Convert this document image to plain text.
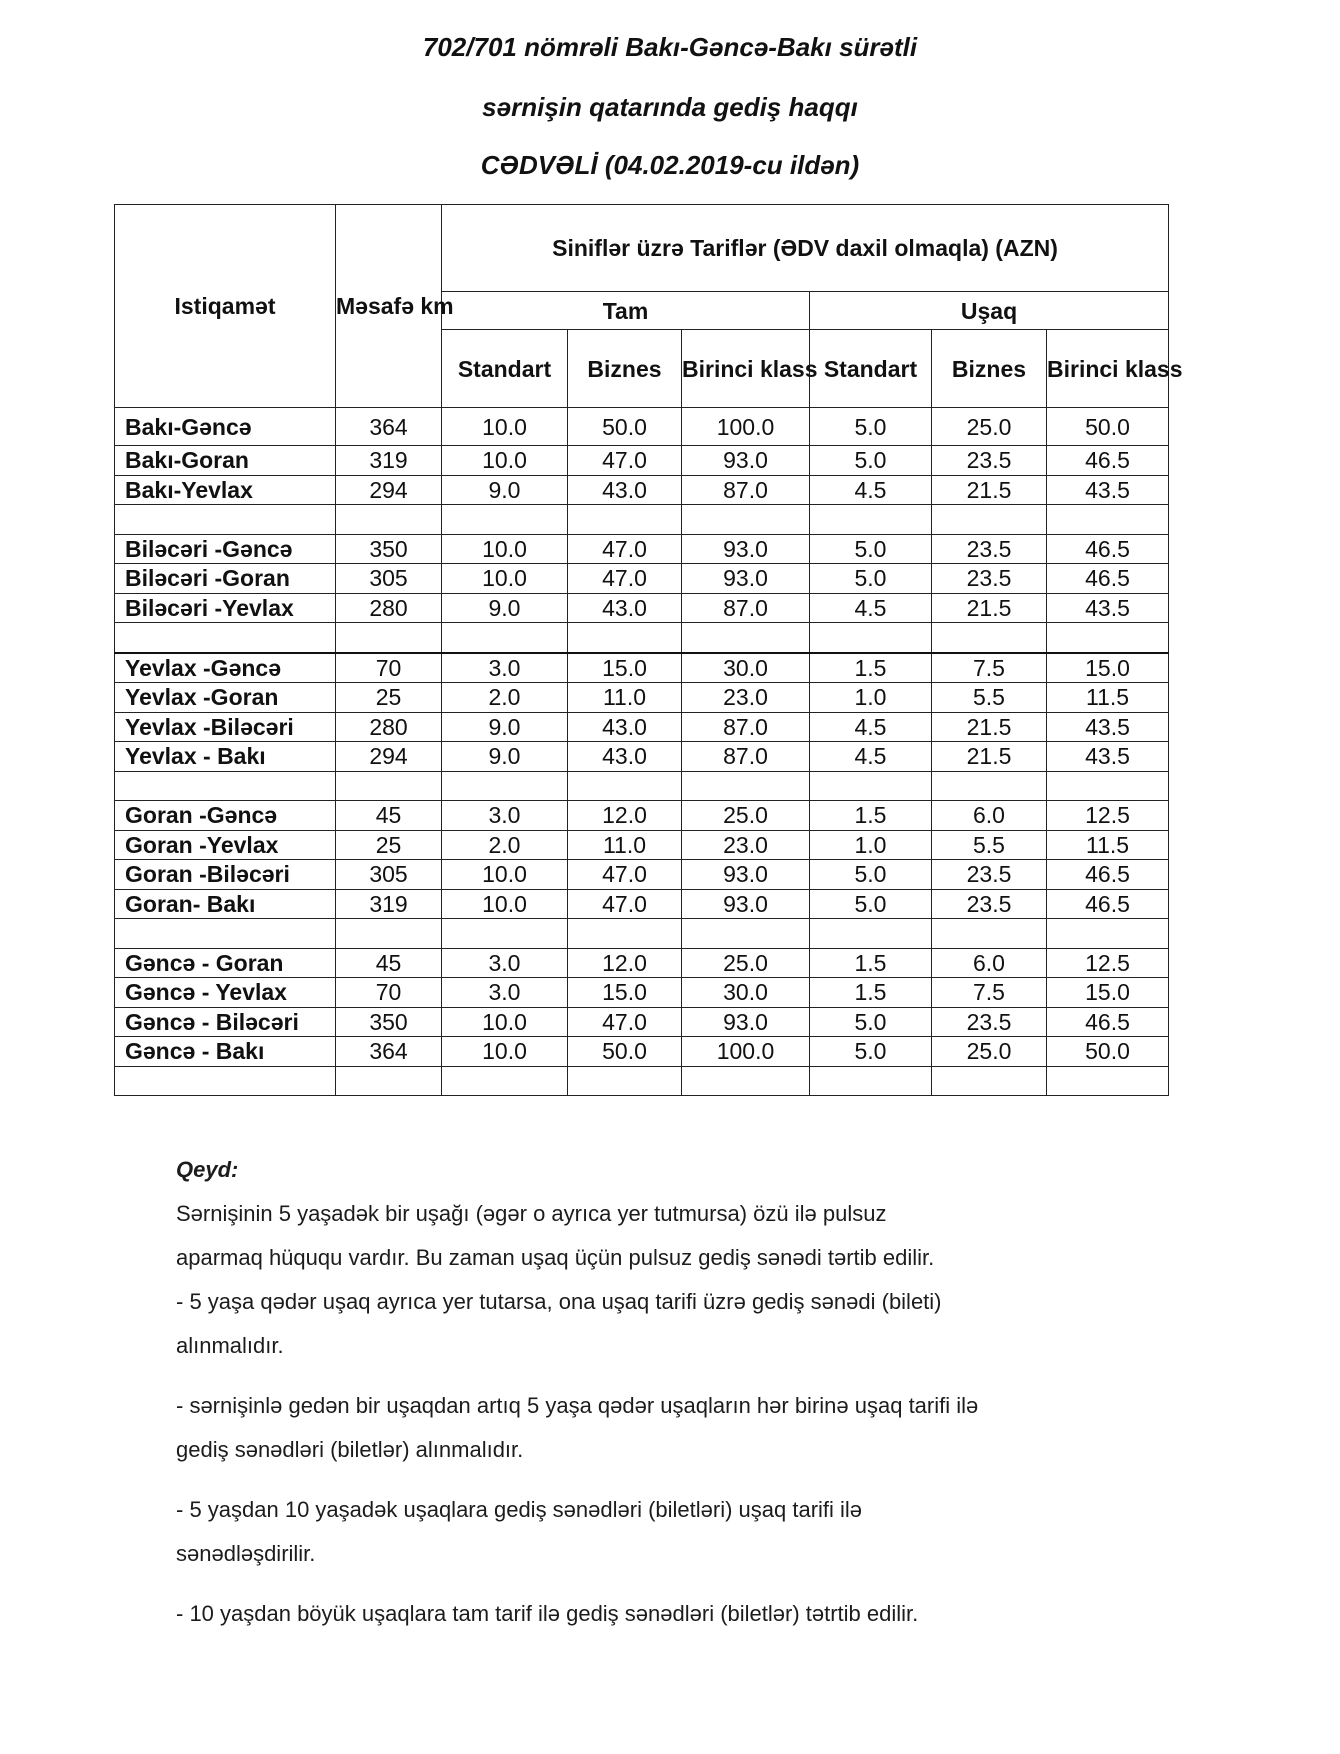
702/701 nömrəli Bakı-Gəncə-Bakı sürətli
sərnişin qatarında gediş haqqı
CƏDVƏLİ (04.02.2019-cu ildən)
Istiqamət	Məsafə km	Siniflər üzrə Tariflər (ƏDV daxil olmaqla) (AZN)					
		Tam			Uşaq		
		Standart	Biznes	Birinci klass	Standart	Biznes	Birinci klass
Bakı-Gəncə	364	10.0	50.0	100.0	5.0	25.0	50.0
Bakı-Goran	319	10.0	47.0	93.0	5.0	23.5	46.5
Bakı-Yevlax	294	9.0	43.0	87.0	4.5	21.5	43.5

Biləcəri -Gəncə	350	10.0	47.0	93.0	5.0	23.5	46.5
Biləcəri -Goran	305	10.0	47.0	93.0	5.0	23.5	46.5
Biləcəri -Yevlax	280	9.0	43.0	87.0	4.5	21.5	43.5

Yevlax -Gəncə	70	3.0	15.0	30.0	1.5	7.5	15.0
Yevlax -Goran	25	2.0	11.0	23.0	1.0	5.5	11.5
Yevlax -Biləcəri	280	9.0	43.0	87.0	4.5	21.5	43.5
Yevlax - Bakı	294	9.0	43.0	87.0	4.5	21.5	43.5

Goran -Gəncə	45	3.0	12.0	25.0	1.5	6.0	12.5
Goran -Yevlax	25	2.0	11.0	23.0	1.0	5.5	11.5
Goran -Biləcəri	305	10.0	47.0	93.0	5.0	23.5	46.5
Goran- Bakı	319	10.0	47.0	93.0	5.0	23.5	46.5

Gəncə - Goran	45	3.0	12.0	25.0	1.5	6.0	12.5
Gəncə - Yevlax	70	3.0	15.0	30.0	1.5	7.5	15.0
Gəncə - Biləcəri	350	10.0	47.0	93.0	5.0	23.5	46.5
Gəncə - Bakı	364	10.0	50.0	100.0	5.0	25.0	50.0

Qeyd:

Sərnişinin 5 yaşadək bir uşağı (əgər o ayrıca yer tutmursa) özü ilə pulsuz

aparmaq hüququ vardır. Bu zaman uşaq üçün pulsuz gediş sənədi tərtib edilir.

- 5 yaşa qədər uşaq ayrıca yer tutarsa, ona uşaq tarifi üzrə gediş sənədi (bileti)

alınmalıdır.

- sərnişinlə gedən bir uşaqdan artıq 5 yaşa qədər uşaqların hər birinə uşaq tarifi ilə

gediş sənədləri (biletlər) alınmalıdır.

- 5 yaşdan 10 yaşadək uşaqlara gediş sənədləri (biletləri) uşaq tarifi ilə

sənədləşdirilir.

- 10 yaşdan böyük uşaqlara tam tarif ilə gediş sənədləri (biletlər) tətrtib edilir.
